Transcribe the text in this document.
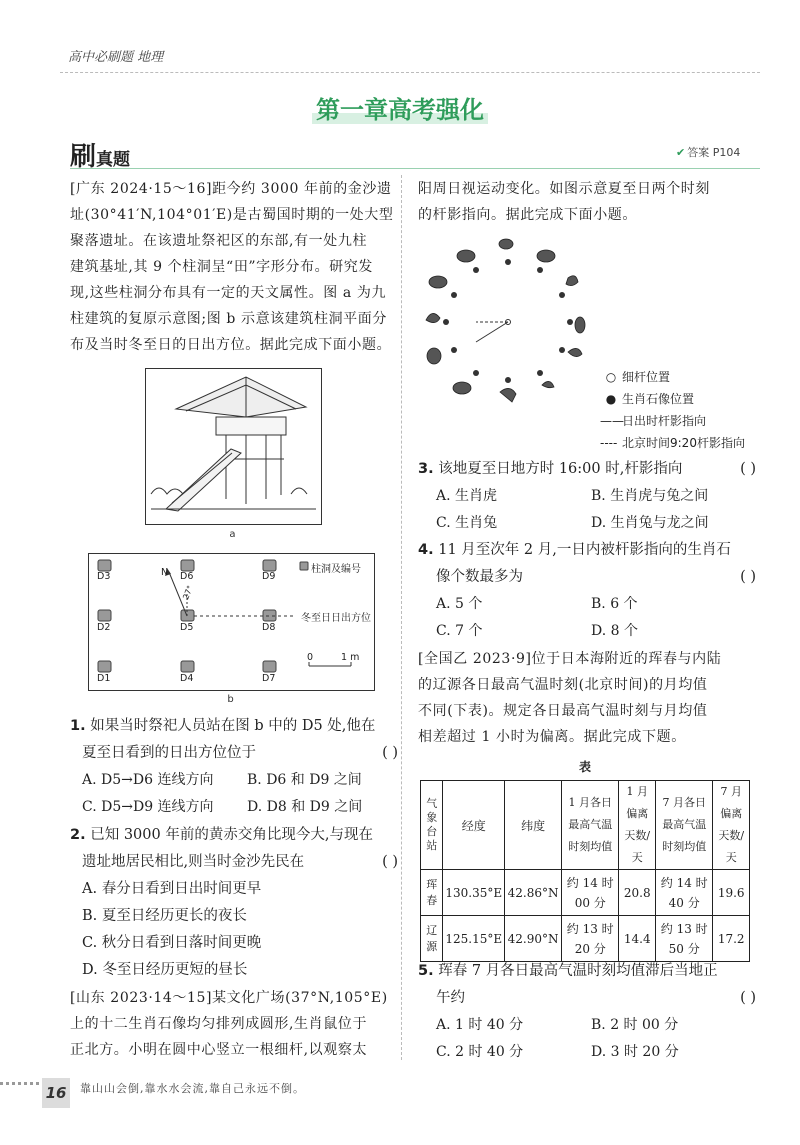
高中必刷题 地理
第一章高考强化
刷真题	✔ 答案 P104
[广东 2024·15～16]距今约 3000 年前的金沙遗
址(30°41′N,104°01′E)是古蜀国时期的一处大型
聚落遗址。在该遗址祭祀区的东部,有一处九柱
建筑基址,其 9 个柱洞呈“田”字形分布。研究发
现,这些柱洞分布具有一定的天文属性。图 a 为九
柱建筑的复原示意图;图 b 示意该建筑柱洞平面分
布及当时冬至日的日出方位。据此完成下面小题。
a
D3	D6	D9
D2	D5	D8
D1	D4	D7
柱洞及编号
N
27°
冬至日日出方位
0	1 m
b
1. 如果当时祭祀人员站在图 b 中的 D5 处,他在
夏至日看到的日出方位位于	( )
A. D5→D6 连线方向	B. D6 和 D9 之间
C. D5→D9 连线方向	D. D8 和 D9 之间
2. 已知 3000 年前的黄赤交角比现今大,与现在
遗址地居民相比,则当时金沙先民在	( )
A. 春分日看到日出时间更早
B. 夏至日经历更长的夜长
C. 秋分日看到日落时间更晚
D. 冬至日经历更短的昼长
[山东 2023·14～15]某文化广场(37°N,105°E)
上的十二生肖石像均匀排列成圆形,生肖鼠位于
正北方。小明在圆中心竖立一根细杆,以观察太
阳周日视运动变化。如图示意夏至日两个时刻
的杆影指向。据此完成下面小题。
○ 细杆位置
● 生肖石像位置
——日出时杆影指向
---- 北京时间9:20杆影指向
3. 该地夏至日地方时 16:00 时,杆影指向	( )
A. 生肖虎	B. 生肖虎与兔之间
C. 生肖兔	D. 生肖兔与龙之间
4. 11 月至次年 2 月,一日内被杆影指向的生肖石
像个数最多为	( )
A. 5 个	B. 6 个
C. 7 个	D. 8 个
[全国乙 2023·9]位于日本海附近的珲春与内陆
的辽源各日最高气温时刻(北京时间)的月均值
不同(下表)。规定各日最高气温时刻与月均值
相差超过 1 小时为偏离。据此完成下题。
表
气象台站	经度	纬度	1 月各日最高气温时刻均值	1 月偏离天数/天	7 月各日最高气温时刻均值	7 月偏离天数/天
珲春	130.35°E	42.86°N	约 14 时 00 分	20.8	约 14 时 40 分	19.6
辽源	125.15°E	42.90°N	约 13 时 20 分	14.4	约 13 时 50 分	17.2
5. 珲春 7 月各日最高气温时刻均值滞后当地正
午约	( )
A. 1 时 40 分	B. 2 时 00 分
C. 2 时 40 分	D. 3 时 20 分
16	靠山山会倒,靠水水会流,靠自己永远不倒。
